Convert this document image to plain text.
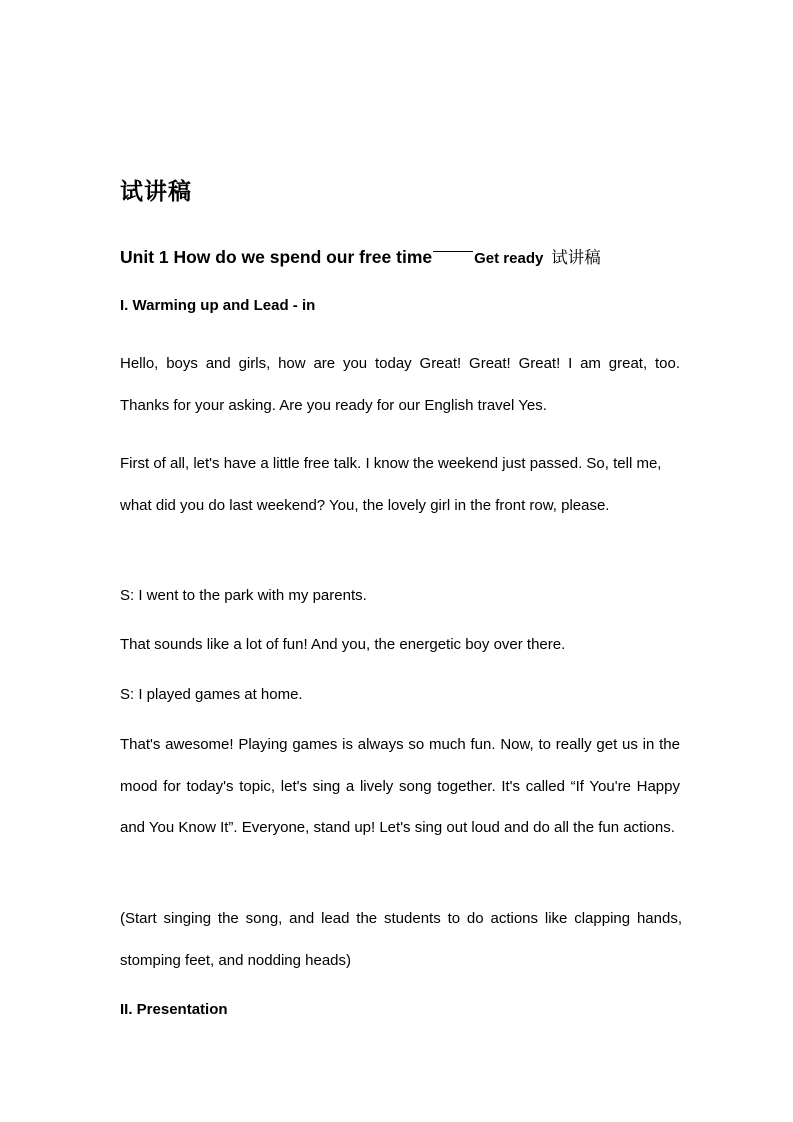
试讲稿
Unit 1 How do we spend our free time	Get ready 试讲稿
I. Warming up and Lead - in

Hello, boys and girls, how are you today Great! Great! Great! I am great, too. Thanks for your asking. Are you ready for our English travel Yes.

First of all, let's have a little free talk. I know the weekend just passed. So, tell me, what did you do last weekend? You, the lovely girl in the front row, please.

S: I went to the park with my parents.

That sounds like a lot of fun! And you, the energetic boy over there.

S: I played games at home.

That's awesome! Playing games is always so much fun. Now, to really get us in the mood for today's topic, let's sing a lively song together. It's called “If You're Happy and You Know It”. Everyone, stand up! Let's sing out loud and do all the fun actions.

(Start singing the song, and lead the students to do actions like clapping hands, stomping feet, and nodding heads)

II. Presentation
